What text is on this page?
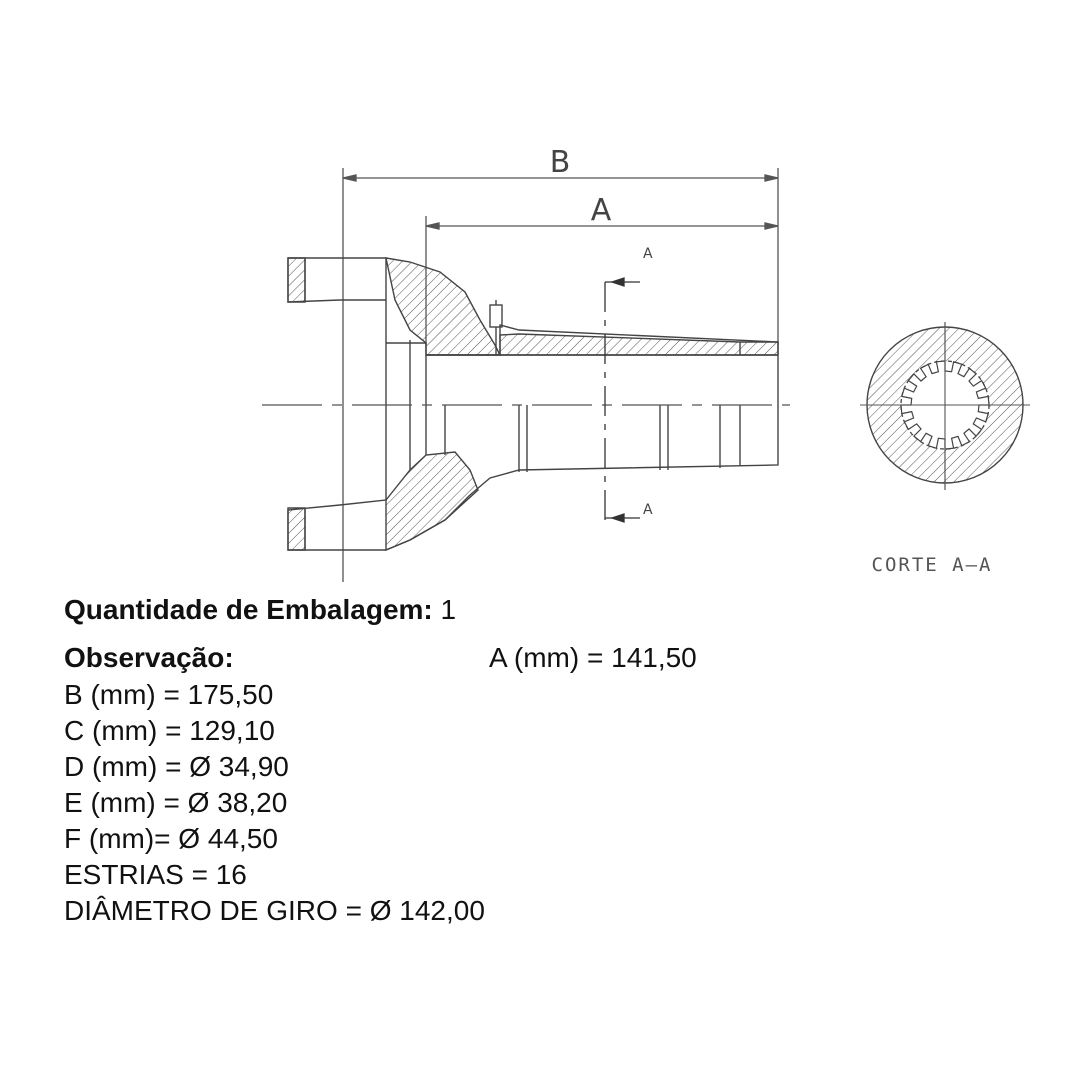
B
A
A
A
CORTE A–A
Quantidade de Embalagem: 1
Observação:	A (mm) = 141,50
B (mm) = 175,50
C (mm) = 129,10
D (mm) = Ø 34,90
E (mm) = Ø 38,20
F (mm)= Ø 44,50
ESTRIAS = 16
DIÂMETRO DE GIRO = Ø 142,00
